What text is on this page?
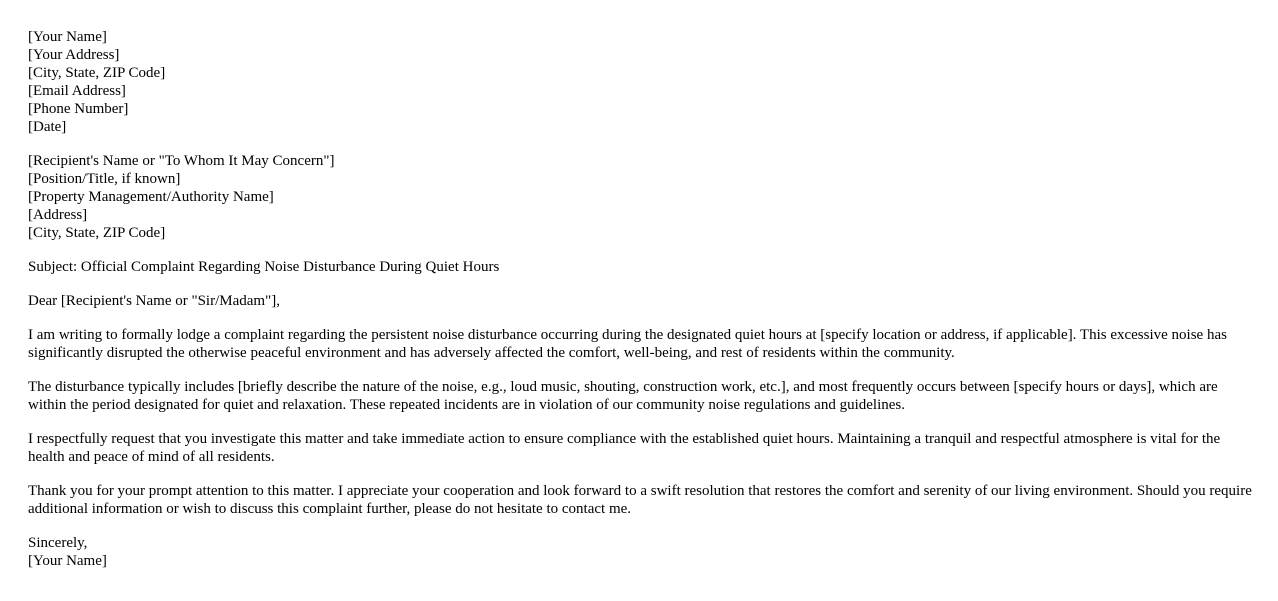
[Your Name]
[Your Address]
[City, State, ZIP Code]
[Email Address]
[Phone Number]
[Date]
[Recipient's Name or "To Whom It May Concern"]
[Position/Title, if known]
[Property Management/Authority Name]
[Address]
[City, State, ZIP Code]

Subject: Official Complaint Regarding Noise Disturbance During Quiet Hours

Dear [Recipient's Name or "Sir/Madam"],

I am writing to formally lodge a complaint regarding the persistent noise disturbance occurring during the designated quiet hours at [specify location or address, if applicable]. This excessive noise has significantly disrupted the otherwise peaceful environment and has adversely affected the comfort, well-being, and rest of residents within the community.

The disturbance typically includes [briefly describe the nature of the noise, e.g., loud music, shouting, construction work, etc.], and most frequently occurs between [specify hours or days], which are within the period designated for quiet and relaxation. These repeated incidents are in violation of our community noise regulations and guidelines.

I respectfully request that you investigate this matter and take immediate action to ensure compliance with the established quiet hours. Maintaining a tranquil and respectful atmosphere is vital for the health and peace of mind of all residents.

Thank you for your prompt attention to this matter. I appreciate your cooperation and look forward to a swift resolution that restores the comfort and serenity of our living environment. Should you require additional information or wish to discuss this complaint further, please do not hesitate to contact me.

Sincerely,
[Your Name]
